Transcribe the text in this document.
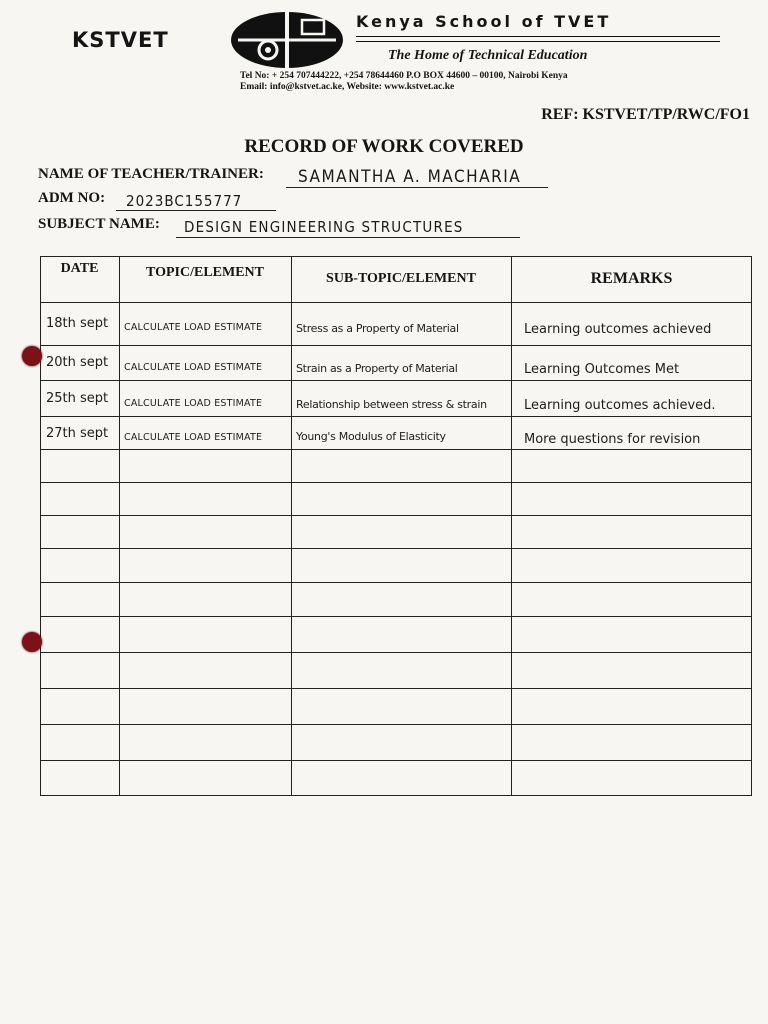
KSTVET
Kenya School of TVET
The Home of Technical Education
Tel No: + 254 707444222, +254 78644460 P.O BOX 44600 – 00100, Nairobi Kenya
Email: info@kstvet.ac.ke, Website: www.kstvet.ac.ke
REF: KSTVET/TP/RWC/FO1
RECORD OF WORK COVERED
NAME OF TEACHER/TRAINER: SAMANTHA A. MACHARIA
ADM NO: 2023BC155777
SUBJECT NAME: DESIGN ENGINEERING STRUCTURES
DATE	TOPIC/ELEMENT	SUB-TOPIC/ELEMENT	REMARKS
18th sept	CALCULATE LOAD ESTIMATE	Stress as a Property of Material	Learning outcomes achieved
20th sept	CALCULATE LOAD ESTIMATE	Strain as a Property of Material	Learning Outcomes Met
25th sept	CALCULATE LOAD ESTIMATE	Relationship between stress & strain	Learning outcomes achieved.
27th sept	CALCULATE LOAD ESTIMATE	Young's Modulus of Elasticity	More questions for revision
